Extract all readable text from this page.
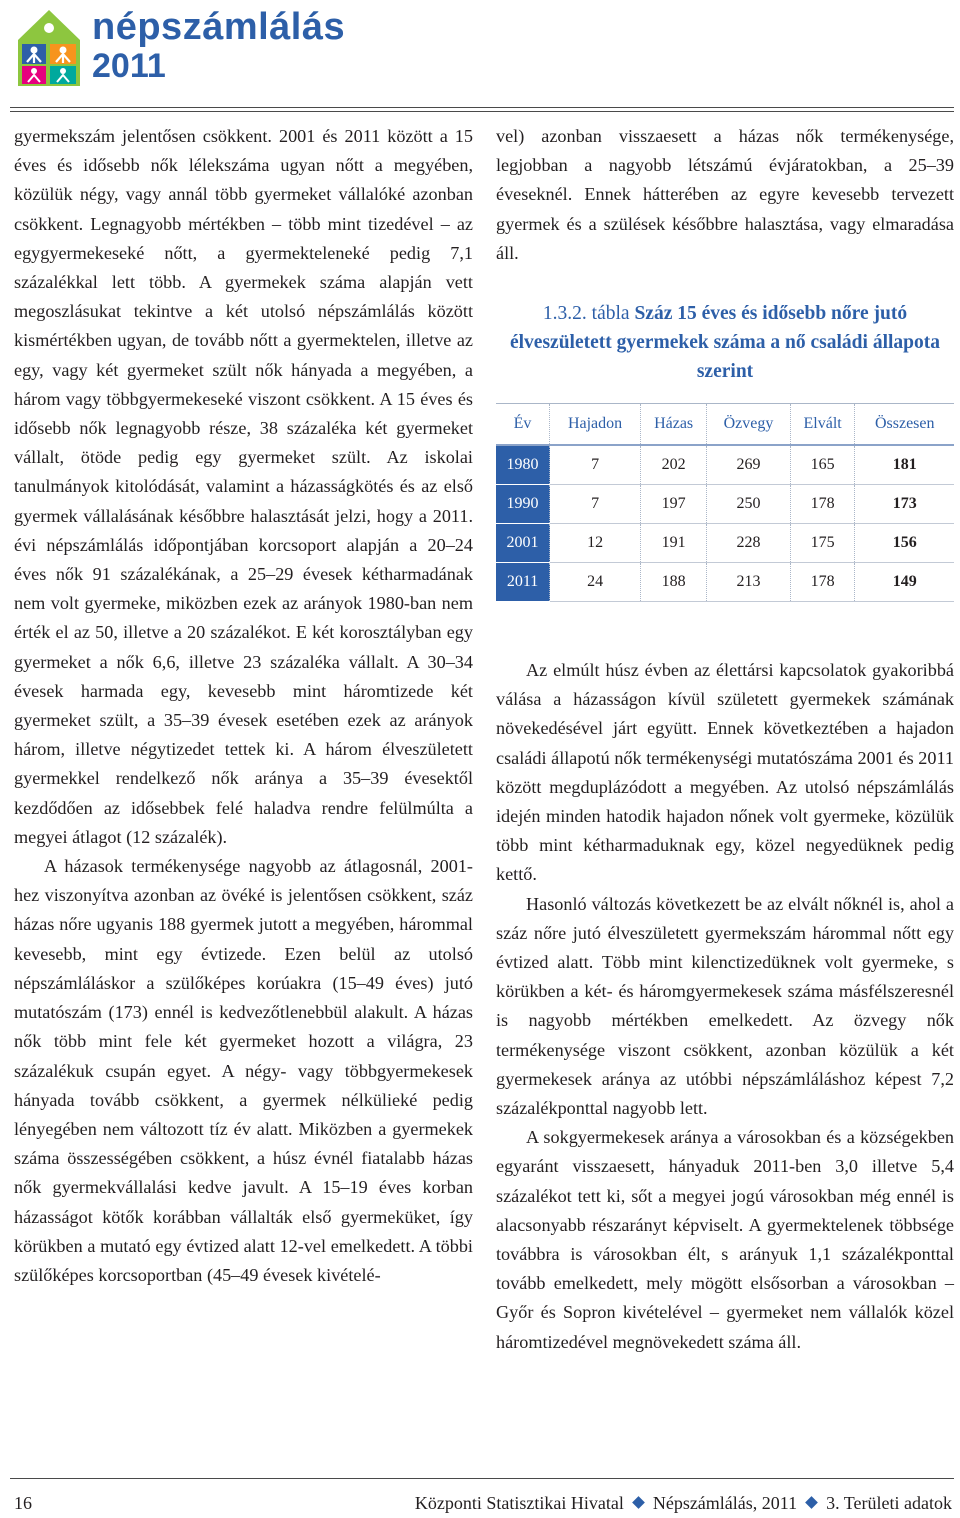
népszámlálás
2011

gyermekszám jelentősen csökkent. 2001 és 2011 között a 15 éves és idősebb nők lélekszáma ugyan nőtt a megyében, közülük négy, vagy annál több gyermeket vállalóké azonban csökkent. Legnagyobb mértékben – több mint tizedével – az egygyermekeseké nőtt, a gyermekteleneké pedig 7,1 százalékkal lett több. A gyermekek száma alapján vett megoszlásukat tekintve a két utolsó népszámlálás között kismértékben ugyan, de tovább nőtt a gyermektelen, illetve az egy, vagy két gyermeket szült nők hányada a megyében, a három vagy többgyermekeseké viszont csökkent. A 15 éves és idősebb nők legnagyobb része, 38 százaléka két gyermeket vállalt, ötöde pedig egy gyermeket szült. Az iskolai tanulmányok kitolódását, valamint a házasságkötés és az első gyermek vállalásának későbbre halasztását jelzi, hogy a 2011. évi népszámlálás időpontjában korcsoport alapján a 20–24 éves nők 91 százalékának, a 25–29 évesek kétharmadának nem volt gyermeke, miközben ezek az arányok 1980-ban nem érték el az 50, illetve a 20 százalékot. E két korosztályban egy gyermeket a nők 6,6, illetve 23 százaléka vállalt. A 30–34 évesek harmada egy, kevesebb mint háromtizede két gyermeket szült, a 35–39 évesek esetében ezek az arányok három, illetve négytizedet tettek ki. A három élveszületett gyermekkel rendelkező nők aránya a 35–39 évesektől kezdődően az idősebbek felé haladva rendre felülmúlta a megyei átlagot (12 százalék).

A házasok termékenysége nagyobb az átlagosnál, 2001-hez viszonyítva azonban az övéké is jelentősen csökkent, száz házas nőre ugyanis 188 gyermek jutott a megyében, hárommal kevesebb, mint egy évtizede. Ezen belül az utolsó népszámláláskor a szülőképes korúakra (15–49 éves) jutó mutatószám (173) ennél is kedvezőtlenebbül alakult. A házas nők több mint fele két gyermeket hozott a világra, 23 százalékuk csupán egyet. A négy- vagy többgyermekesek hányada tovább csökkent, a gyermek nélkülieké pedig lényegében nem változott tíz év alatt. Miközben a gyermekek száma összességében csökkent, a húsz évnél fiatalabb házas nők gyermekvállalási kedve javult. A 15–19 éves korban házasságot kötők korábban vállalták első gyermeküket, így körükben a mutató egy évtized alatt 12-vel emelkedett. A többi szülőképes korcsoportban (45–49 évesek kivételé-

vel) azonban visszaesett a házas nők termékenysége, legjobban a nagyobb létszámú évjáratokban, a 25–39 éveseknél. Ennek hátterében az egyre kevesebb tervezett gyermek és a szülések későbbre halasztása, vagy elmaradása áll.

1.3.2. tábla Száz 15 éves és idősebb nőre jutó élveszületett gyermekek száma a nő családi állapota szerint
Év	Hajadon	Házas	Özvegy	Elvált	Összesen
1980	7	202	269	165	181
1990	7	197	250	178	173
2001	12	191	228	175	156
2011	24	188	213	178	149

Az elmúlt húsz évben az élettársi kapcsolatok gyakoribbá válása a házasságon kívül született gyermekek számának növekedésével járt együtt. Ennek következtében a hajadon családi állapotú nők termékenységi mutatószáma 2001 és 2011 között megduplázódott a megyében. Az utolsó népszámlálás idején minden hatodik hajadon nőnek volt gyermeke, közülük több mint kétharmaduknak egy, közel negyedüknek pedig kettő.

Hasonló változás következett be az elvált nőknél is, ahol a száz nőre jutó élveszületett gyermekszám hárommal nőtt egy évtized alatt. Több mint kilenctizedüknek volt gyermeke, s körükben a két- és háromgyermekesek száma másfélszeresnél is nagyobb mértékben emelkedett. Az özvegy nők termékenysége viszont csökkent, azonban közülük a két gyermekesek aránya az utóbbi népszámláláshoz képest 7,2 százalékponttal nagyobb lett.

A sokgyermekesek aránya a városokban és a községekben egyaránt visszaesett, hányaduk 2011-ben 3,0 illetve 5,4 százalékot tett ki, sőt a megyei jogú városokban még ennél is alacsonyabb részarányt képviselt. A gyermektelenek többsége továbbra is városokban élt, s arányuk 1,1 százalékponttal tovább emelkedett, mely mögött elsősorban a városokban – Győr és Sopron kivételével – gyermeket nem vállalók közel háromtizedével megnövekedett száma áll.

16	Központi Statisztikai Hivatal Népszámlálás, 2011 3. Területi adatok
